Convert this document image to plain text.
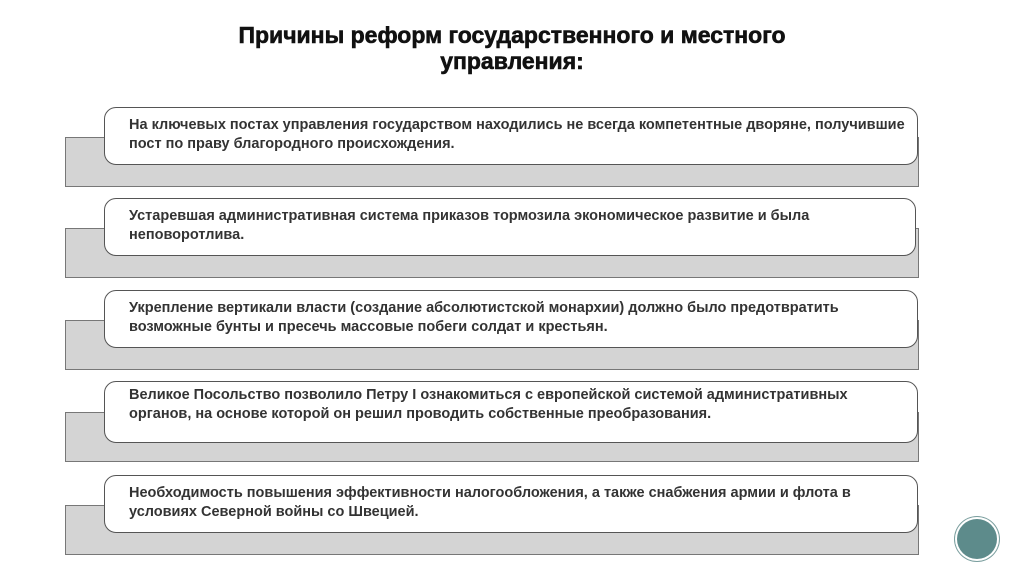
Причины реформ государственного и местного
управления:
На ключевых постах управления государством находились не всегда компетентные дворяне, получившие пост по праву благородного происхождения.
Устаревшая административная система приказов тормозила экономическое развитие и была неповоротлива.
Укрепление вертикали власти (создание абсолютистской монархии) должно было предотвратить возможные бунты и пресечь массовые побеги солдат и крестьян.
Великое Посольство позволило Петру I ознакомиться с европейской системой административных органов, на основе которой он решил проводить собственные преобразования.
Необходимость повышения эффективности налогообложения, а также снабжения армии и флота в условиях Северной войны со Швецией.
